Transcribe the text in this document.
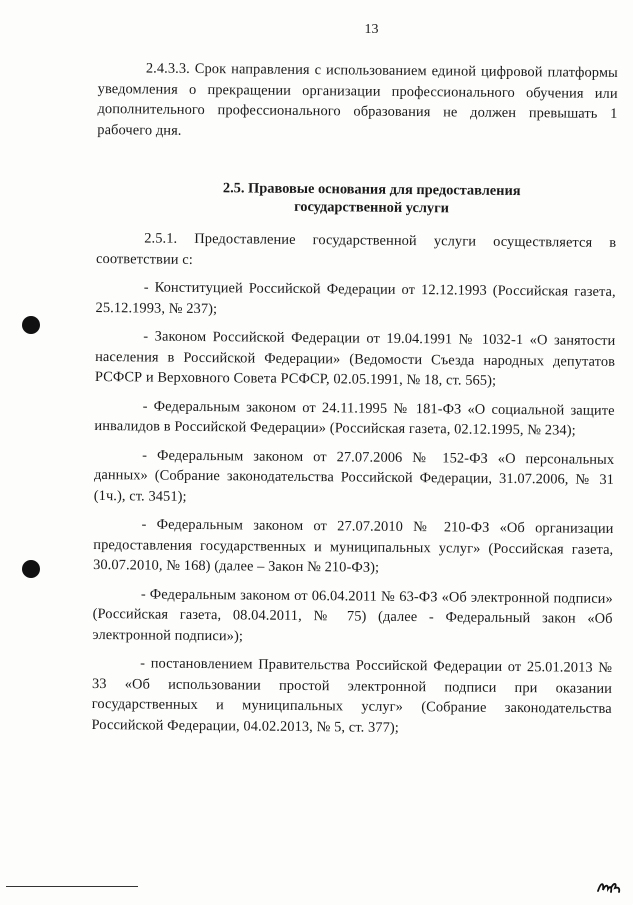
13

2.4.3.3. Срок направления с использованием единой цифровой платформы уведомления о прекращении организации профессионального обучения или дополнительного профессионального образования не должен превышать 1 рабочего дня.

2.5. Правовые основания для предоставления
государственной услуги

2.5.1. Предоставление государственной услуги осуществляется в соответствии с:

- Конституцией Российской Федерации от 12.12.1993 (Российская газета, 25.12.1993, № 237);

- Законом Российской Федерации от 19.04.1991 № 1032-1 «О занятости населения в Российской Федерации» (Ведомости Съезда народных депутатов РСФСР и Верховного Совета РСФСР, 02.05.1991, № 18, ст. 565);

- Федеральным законом от 24.11.1995 № 181-ФЗ «О социальной защите инвалидов в Российской Федерации» (Российская газета, 02.12.1995, № 234);

- Федеральным законом от 27.07.2006 № 152-ФЗ «О персональных данных» (Собрание законодательства Российской Федерации, 31.07.2006, № 31 (1ч.), ст. 3451);

- Федеральным законом от 27.07.2010 № 210-ФЗ «Об организации предоставления государственных и муниципальных услуг» (Российская газета, 30.07.2010, № 168) (далее – Закон № 210-ФЗ);

- Федеральным законом от 06.04.2011 № 63-ФЗ «Об электронной подписи» (Российская газета, 08.04.2011, № 75) (далее - Федеральный закон «Об электронной подписи»);

- постановлением Правительства Российской Федерации от 25.01.2013 № 33 «Об использовании простой электронной подписи при оказании государственных и муниципальных услуг» (Собрание законодательства Российской Федерации, 04.02.2013, № 5, ст. 377);
